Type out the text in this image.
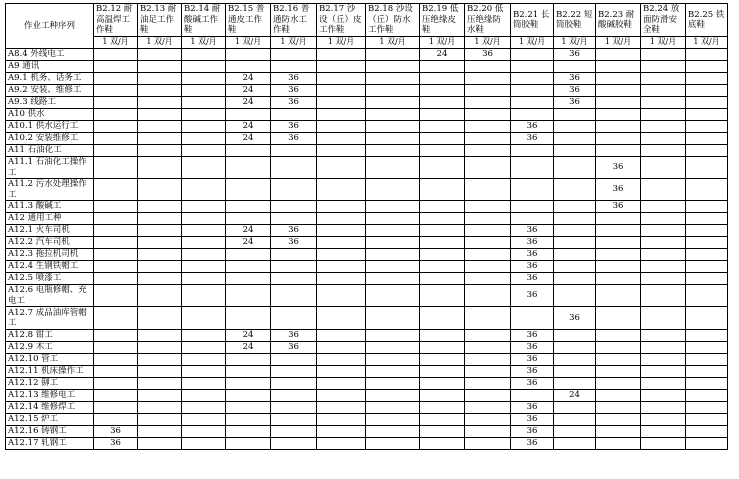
作业工种序列	B2.12 耐高温焊工作鞋	B2.13 耐油足工作鞋	B2.14 耐酸碱工作鞋	B2.15 普通皮工作鞋	B2.16 普通防水工作鞋	B2.17 沙设（丘）皮工作鞋	B2.18 沙设（丘）防水工作鞋	B2.19 低压绝缘皮鞋	B2.20 低压绝缘防水鞋	B2.21 长筒胶鞋	B2.22 短筒胶鞋	B2.23 耐酸碱胶鞋	B2.24 放面防滑安全鞋	B2.25 铁底鞋
	1 双/月	1 双/月	1 双/月	1 双/月	1 双/月	1 双/月	1 双/月	1 双/月	1 双/月	1 双/月	1 双/月	1 双/月	1 双/月	1 双/月
A8.4 外线电工								24	36		36			
A9 通讯														
A9.1 机务、话务工				24	36						36			
A9.2 安装、维修工				24	36						36			
A9.3 线路工				24	36						36			
A10 供水														
A10.1 供水运行工				24	36					36				
A10.2 安装维修工				24	36					36				
A11 石油化工														
A11.1 石油化工操作工												36		
A11.2 污水处理操作工												36		
A11.3 酸碱工												36		
A12 通用工种														
A12.1 火车司机				24	36					36				
A12.2 汽车司机				24	36					36				
A12.3 拖拉机司机										36				
A12.4 生钢铁帽工										36				
A12.5 喷漆工										36				
A12.6 电瓶修帽、充电工										36				
A12.7 成品油库管帽工											36			
A12.8 钳工				24	36					36				
A12.9 木工				24	36					36				
A12.10 管工										36				
A12.11 机床操作工										36				
A12.12 铆工										36				
A12.13 维修电工											24			
A12.14 维修焊工										36				
A12.15 炉工										36				
A12.16 铸钢工	36									36				
A12.17 轧钢工	36									36				
